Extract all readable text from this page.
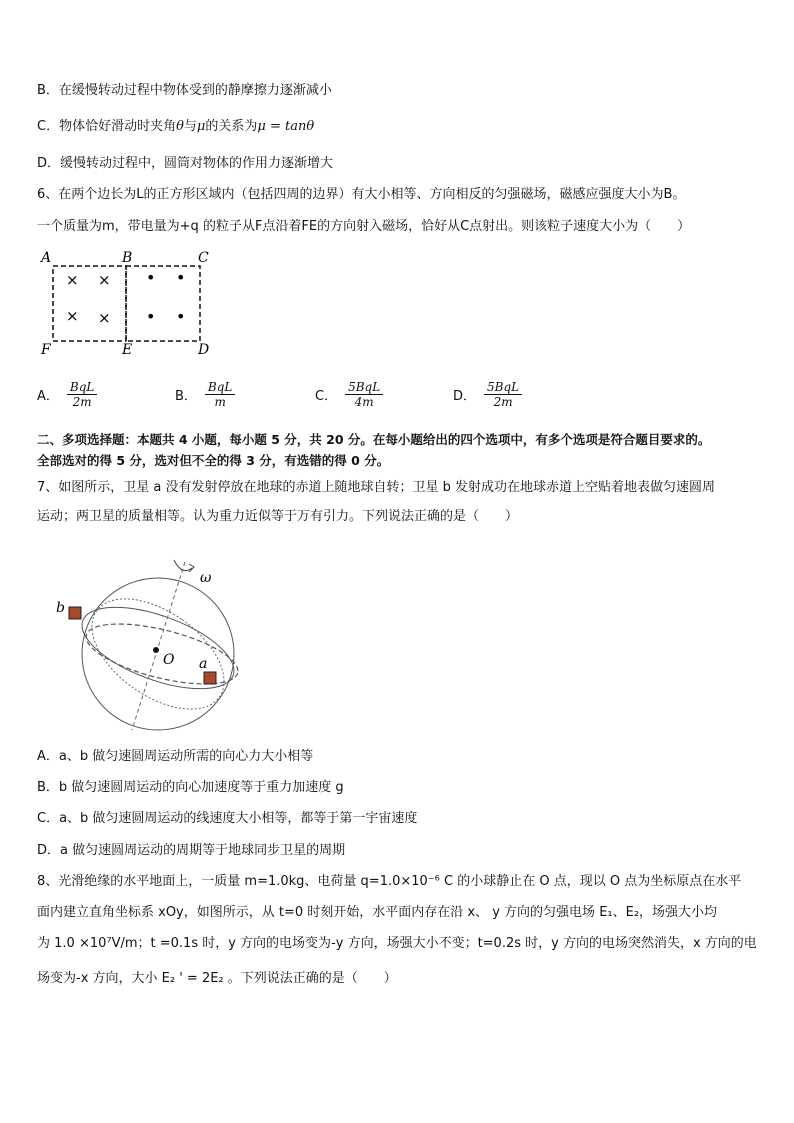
B．在缓慢转动过程中物体受到的静摩擦力逐渐减小
C．物体恰好滑动时夹角θ与μ的关系为μ = tanθ
D．缓慢转动过程中，圆筒对物体的作用力逐渐增大
6、在两个边长为L的正方形区域内（包括四周的边界）有大小相等、方向相反的匀强磁场，磁感应强度大小为B。
一个质量为m，带电量为+q 的粒子从F点沿着FE的方向射入磁场，恰好从C点射出。则该粒子速度大小为（　　）
A	B	C
F	E	D
× ×
× ×
• •
• •
A． $\frac{\text{BqL}}{2m}$	B． $\frac{\text{BqL}}{m}$	C． $\frac{\text{5BqL}}{4m}$	D． $\frac{\text{5BqL}}{2m}$
二、多项选择题：本题共 4 小题，每小题 5 分，共 20 分。在每小题给出的四个选项中，有多个选项是符合题目要求的。
全部选对的得 5 分，选对但不全的得 3 分，有选错的得 0 分。
7、如图所示，卫星 a 没有发射停放在地球的赤道上随地球自转；卫星 b 发射成功在地球赤道上空贴着地表做匀速圆周
运动；两卫星的质量相等。认为重力近似等于万有引力。下列说法正确的是（　　）
ω
O
b
a
A．a、b 做匀速圆周运动所需的向心力大小相等
B．b 做匀速圆周运动的向心加速度等于重力加速度 g
C．a、b 做匀速圆周运动的线速度大小相等，都等于第一宇宙速度
D．a 做匀速圆周运动的周期等于地球同步卫星的周期
8、光滑绝缘的水平地面上，一质量 m=1.0kg、电荷量 q=1.0×10⁻⁶ C 的小球静止在 O 点，现以 O 点为坐标原点在水平
面内建立直角坐标系 xOy，如图所示，从 t=0 时刻开始，水平面内存在沿 x、 y 方向的匀强电场 E₁、E₂，场强大小均
为 1.0 ×10⁷V/m；t =0.1s 时，y 方向的电场变为-y 方向，场强大小不变；t=0.2s 时，y 方向的电场突然消失，x 方向的电
场变为-x 方向，大小 E₂ ' = 2E₂ 。下列说法正确的是（　　）
